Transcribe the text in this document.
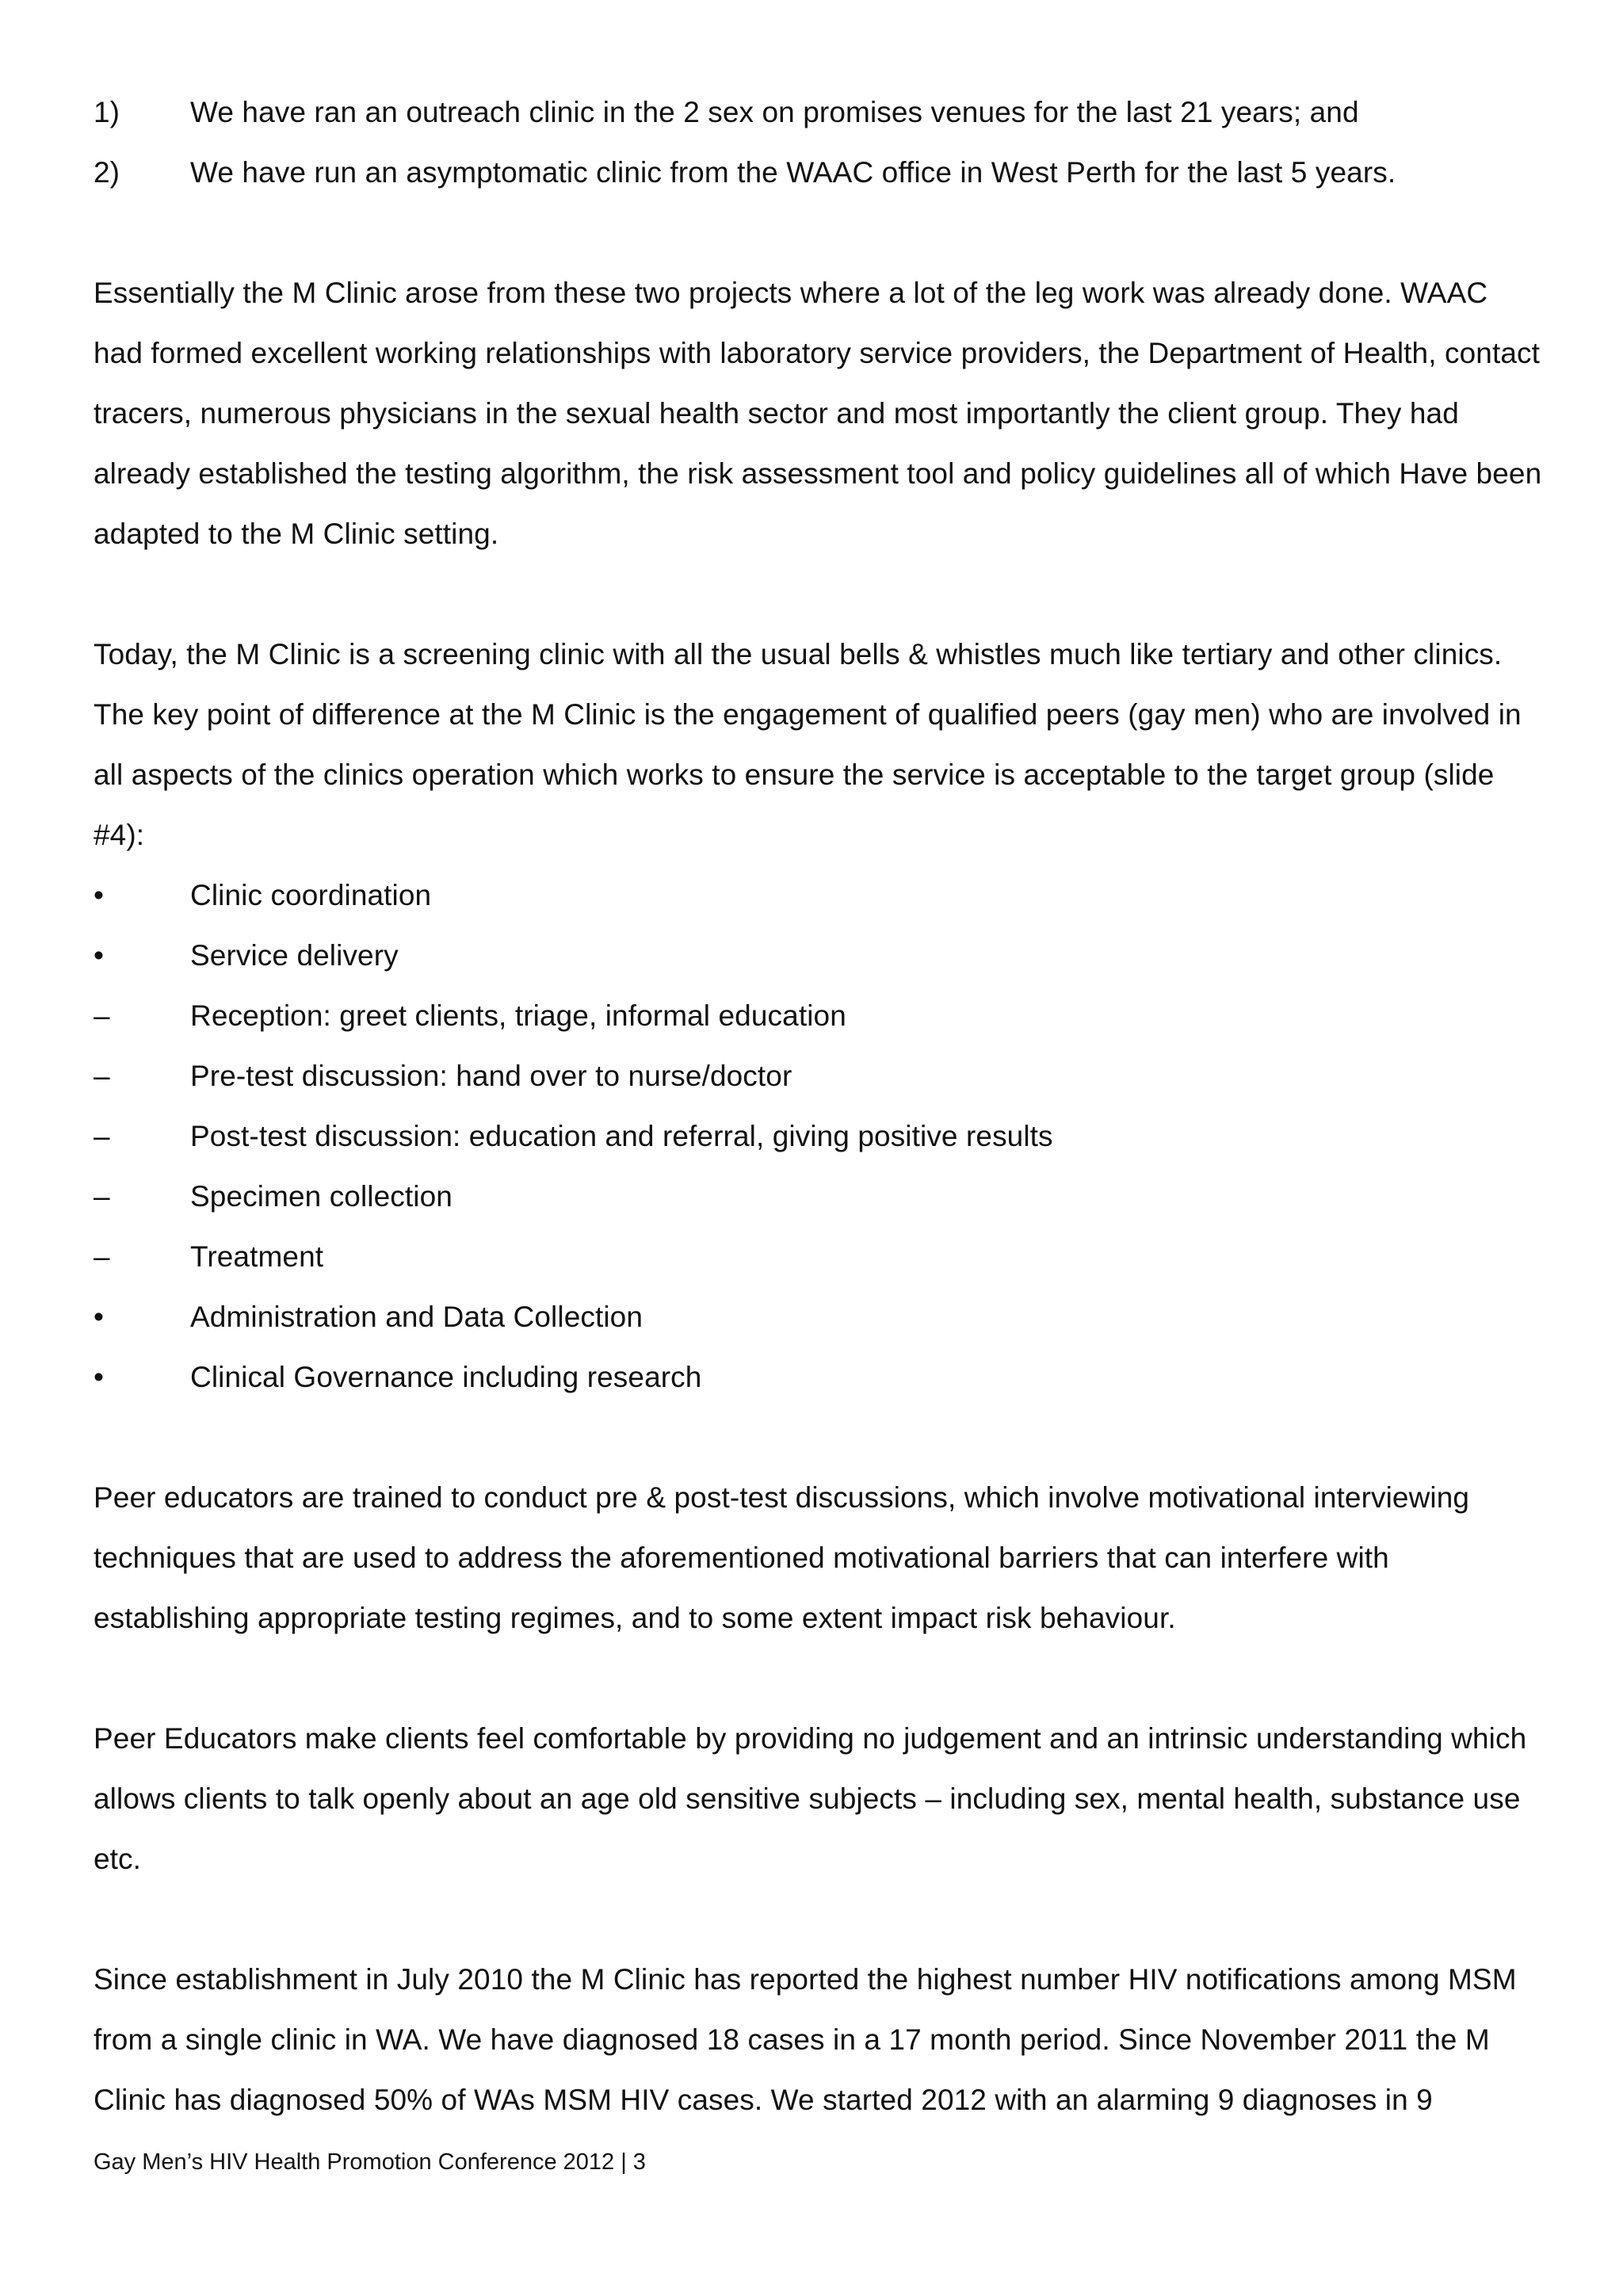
1)	We have ran an outreach clinic in the 2 sex on promises venues for the last 21 years; and
2)	We have run an asymptomatic clinic from the WAAC office in West Perth for the last 5 years.

Essentially the M Clinic arose from these two projects where a lot of the leg work was already done. WAAC had formed excellent working relationships with laboratory service providers, the Department of Health, contact tracers, numerous physicians in the sexual health sector and most importantly the client group. They had already established the testing algorithm, the risk assessment tool and policy guidelines all of which Have been adapted to the M Clinic setting.

Today, the M Clinic is a screening clinic with all the usual bells & whistles much like tertiary and other clinics. The key point of difference at the M Clinic is the engagement of qualified peers (gay men) who are involved in all aspects of the clinics operation which works to ensure the service is acceptable to the target group (slide #4):

•	Clinic coordination
•	Service delivery
–	Reception: greet clients, triage, informal education
–	Pre-test discussion: hand over to nurse/doctor
–	Post-test discussion: education and referral, giving positive results
–	Specimen collection
–	Treatment
•	Administration and Data Collection
•	Clinical Governance including research

Peer educators are trained to conduct pre & post-test discussions, which involve motivational interviewing techniques that are used to address the aforementioned motivational barriers that can interfere with establishing appropriate testing regimes, and to some extent impact risk behaviour.

Peer Educators make clients feel comfortable by providing no judgement and an intrinsic understanding which allows clients to talk openly about an age old sensitive subjects – including sex, mental health, substance use etc.

Since establishment in July 2010 the M Clinic has reported the highest number HIV notifications among MSM from a single clinic in WA. We have diagnosed 18 cases in a 17 month period. Since November 2011 the M Clinic has diagnosed 50% of WAs MSM HIV cases. We started 2012 with an alarming 9 diagnoses in 9

Gay Men’s HIV Health Promotion Conference 2012 | 3
